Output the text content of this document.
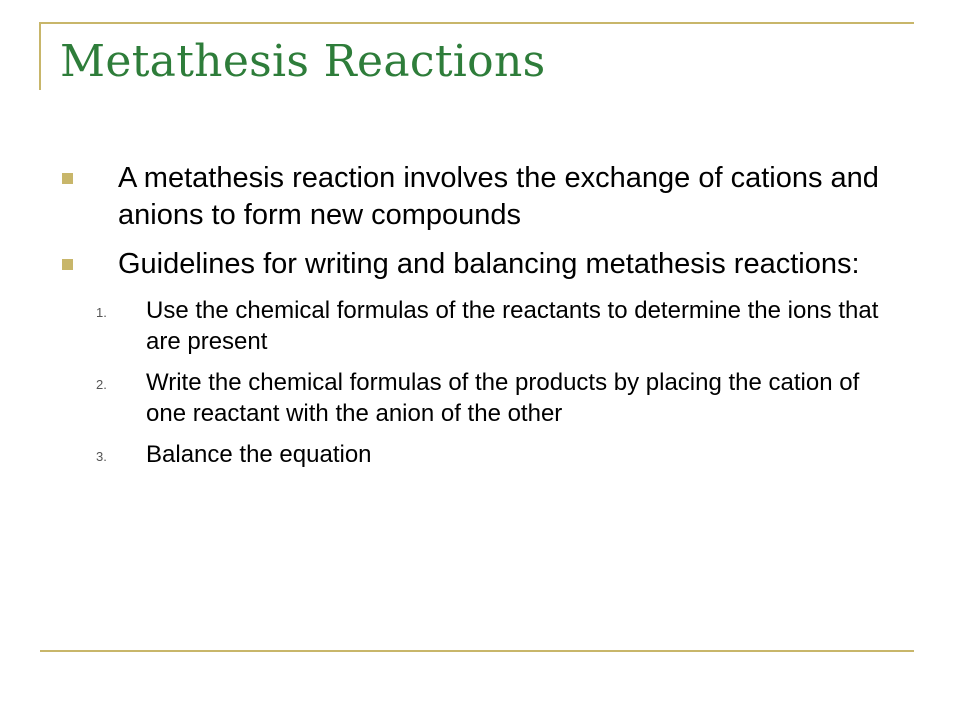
Metathesis Reactions
A metathesis reaction involves the exchange of cations and anions to form new compounds
Guidelines for writing and balancing metathesis reactions:
1. Use the chemical formulas of the reactants to determine the ions that are present
2. Write the chemical formulas of the products by placing the cation of one reactant with the anion of the other
3. Balance the equation
